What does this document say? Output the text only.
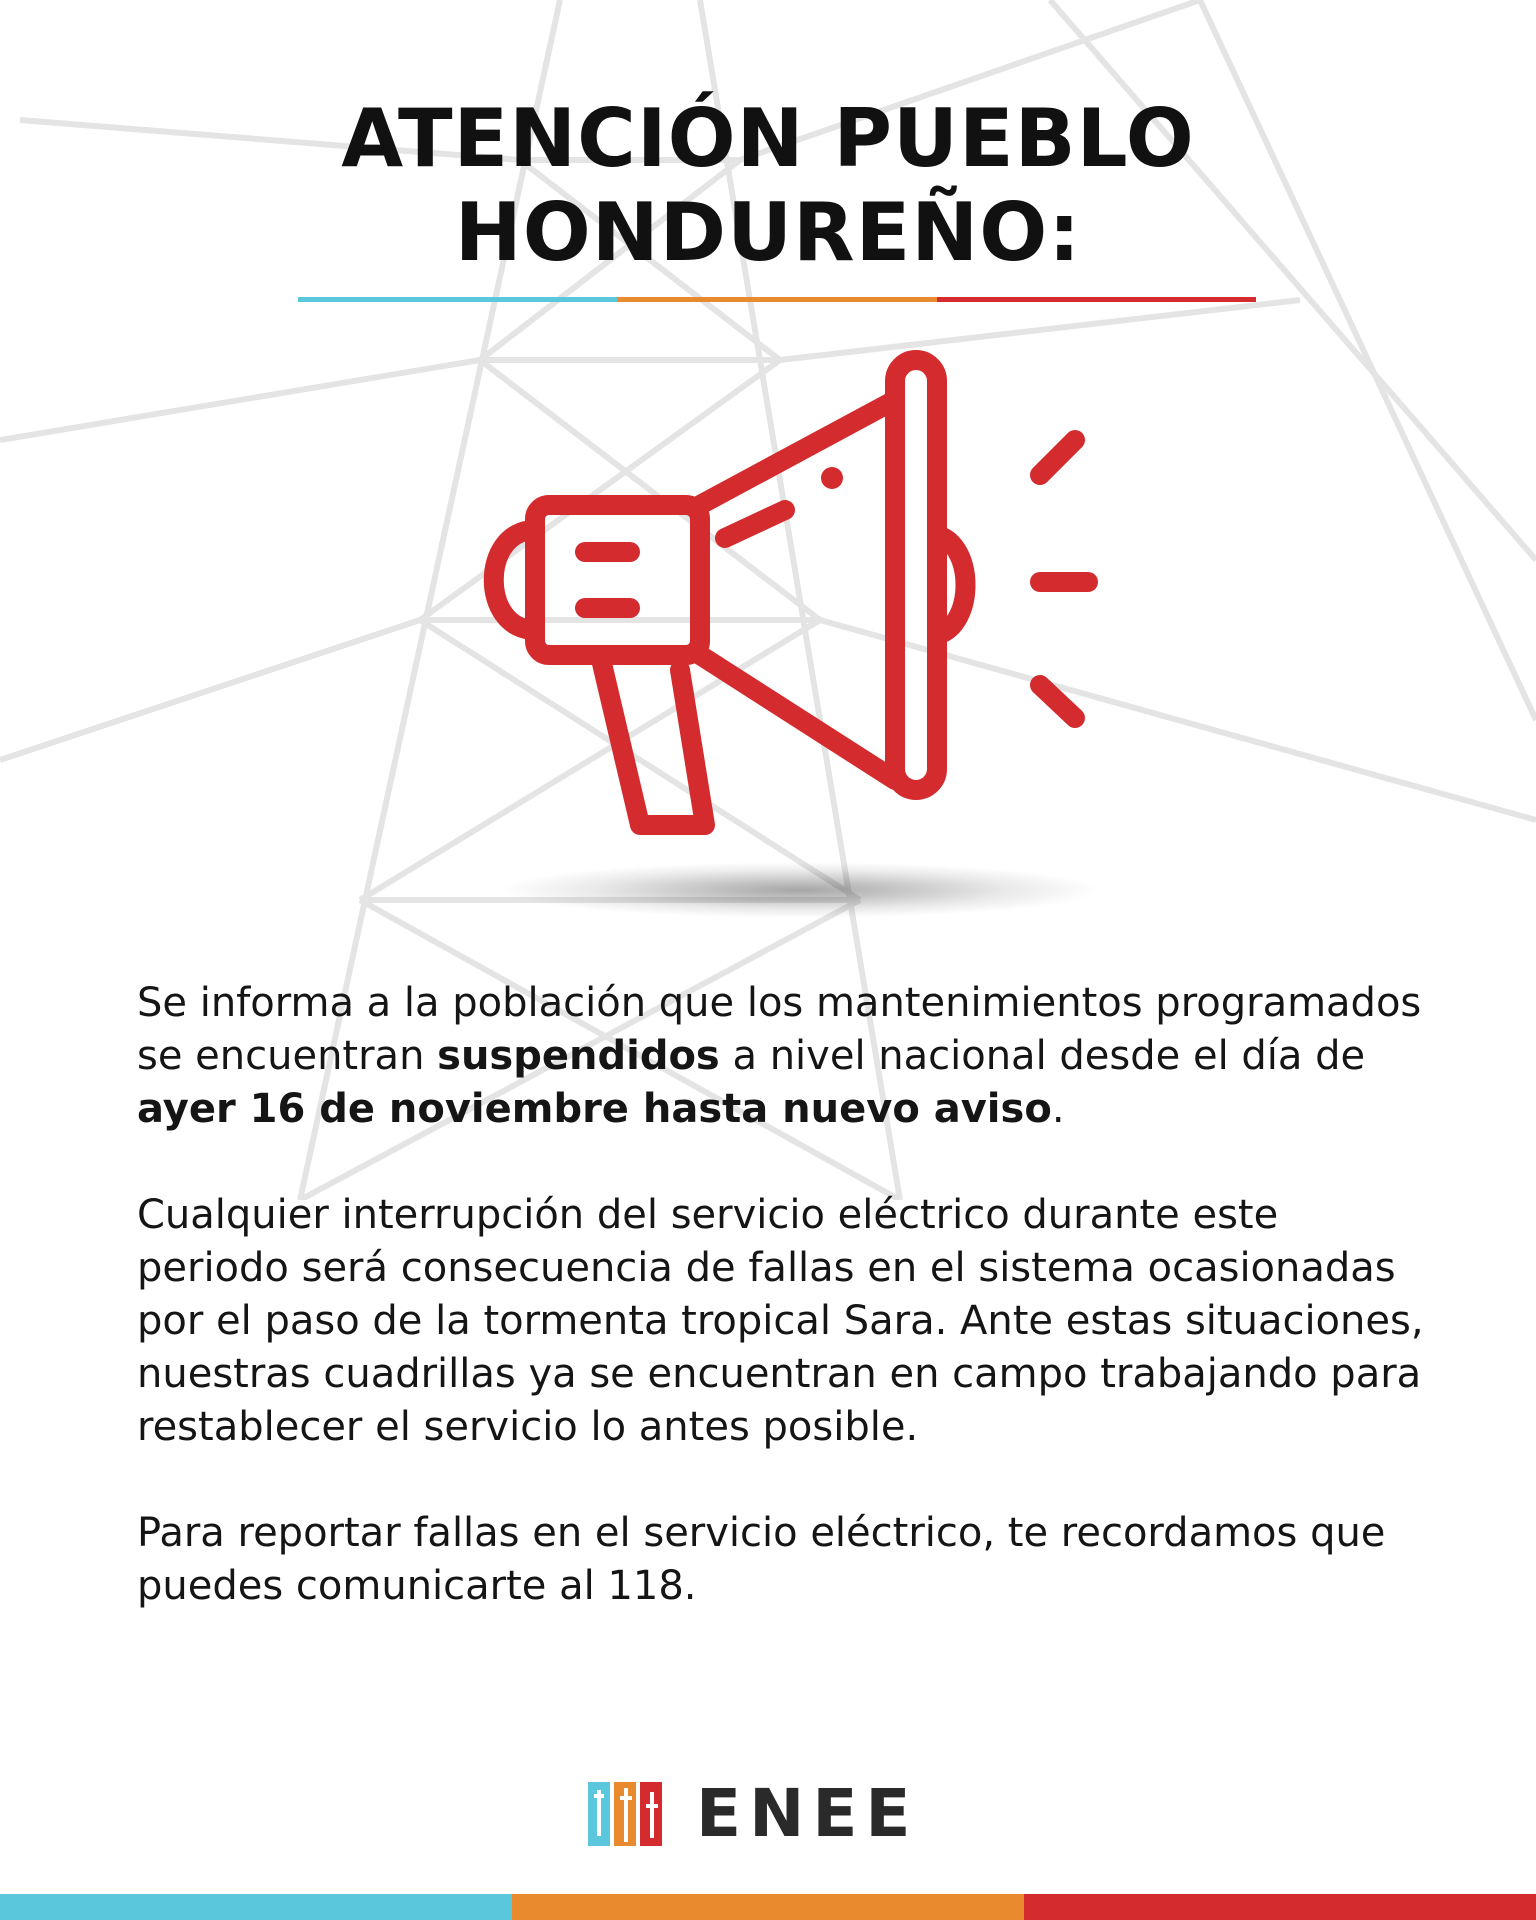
ATENCIÓN PUEBLO
HONDUREÑO:

Se informa a la población que los mantenimientos programados se encuentran suspendidos a nivel nacional desde el día de ayer 16 de noviembre hasta nuevo aviso.

Cualquier interrupción del servicio eléctrico durante este periodo será consecuencia de fallas en el sistema ocasionadas por el paso de la tormenta tropical Sara. Ante estas situaciones, nuestras cuadrillas ya se encuentran en campo trabajando para restablecer el servicio lo antes posible.

Para reportar fallas en el servicio eléctrico, te recordamos que puedes comunicarte al 118.

ENEE
